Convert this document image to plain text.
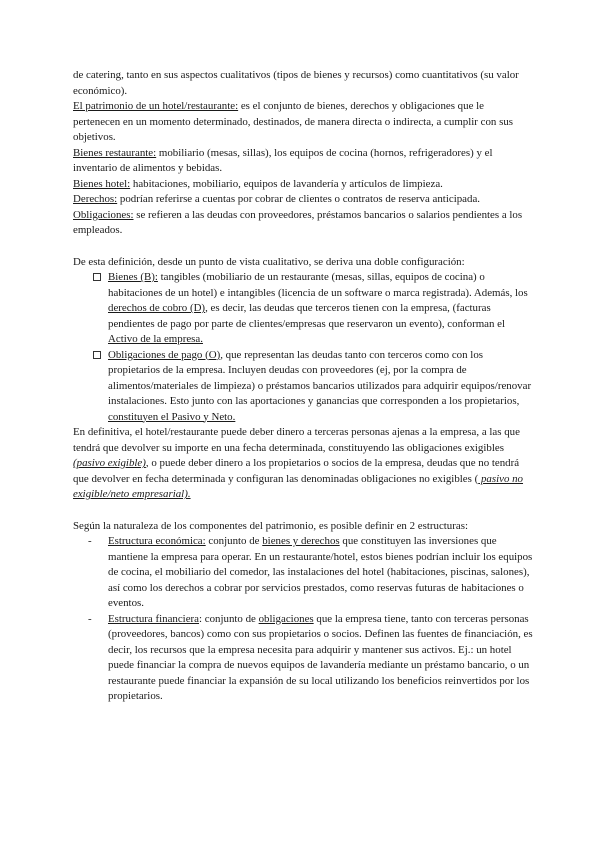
de catering, tanto en sus aspectos cualitativos (tipos de bienes y recursos) como cuantitativos (su valor económico).

El patrimonio de un hotel/restaurante: es el conjunto de bienes, derechos y obligaciones que le pertenecen en un momento determinado, destinados, de manera directa o indirecta, a cumplir con sus objetivos.

Bienes restaurante: mobiliario (mesas, sillas), los equipos de cocina (hornos, refrigeradores) y el inventario de alimentos y bebidas.

Bienes hotel: habitaciones, mobiliario, equipos de lavandería y artículos de limpieza.

Derechos: podrían referirse a cuentas por cobrar de clientes o contratos de reserva anticipada.

Obligaciones: se refieren a las deudas con proveedores, préstamos bancarios o salarios pendientes a los empleados.

De esta definición, desde un punto de vista cualitativo, se deriva una doble configuración:

Bienes (B): tangibles (mobiliario de un restaurante (mesas, sillas, equipos de cocina) o habitaciones de un hotel) e intangibles (licencia de un software o marca registrada). Además, los derechos de cobro (D), es decir, las deudas que terceros tienen con la empresa, (facturas pendientes de pago por parte de clientes/empresas que reservaron un evento), conforman el Activo de la empresa.

Obligaciones de pago (O), que representan las deudas tanto con terceros como con los propietarios de la empresa. Incluyen deudas con proveedores (ej, por la compra de alimentos/materiales de limpieza) o préstamos bancarios utilizados para adquirir equipos/renovar instalaciones. Esto junto con las aportaciones y ganancias que corresponden a los propietarios, constituyen el Pasivo y Neto.

En definitiva, el hotel/restaurante puede deber dinero a terceras personas ajenas a la empresa, a las que tendrá que devolver su importe en una fecha determinada, constituyendo las obligaciones exigibles (pasivo exigible), o puede deber dinero a los propietarios o socios de la empresa, deudas que no tendrá que devolver en fecha determinada y configuran las denominadas obligaciones no exigibles ( pasivo no exigible/neto empresarial).

Según la naturaleza de los componentes del patrimonio, es posible definir en 2 estructuras:

- Estructura económica: conjunto de bienes y derechos que constituyen las inversiones que mantiene la empresa para operar. En un restaurante/hotel, estos bienes podrían incluir los equipos de cocina, el mobiliario del comedor, las instalaciones del hotel (habitaciones, piscinas, salones), así como los derechos a cobrar por servicios prestados, como reservas futuras de habitaciones o eventos.

- Estructura financiera: conjunto de obligaciones que la empresa tiene, tanto con terceras personas (proveedores, bancos) como con sus propietarios o socios. Definen las fuentes de financiación, es decir, los recursos que la empresa necesita para adquirir y mantener sus activos. Ej.: un hotel puede financiar la compra de nuevos equipos de lavandería mediante un préstamo bancario, o un restaurante puede financiar la expansión de su local utilizando los beneficios reinvertidos por los propietarios.
